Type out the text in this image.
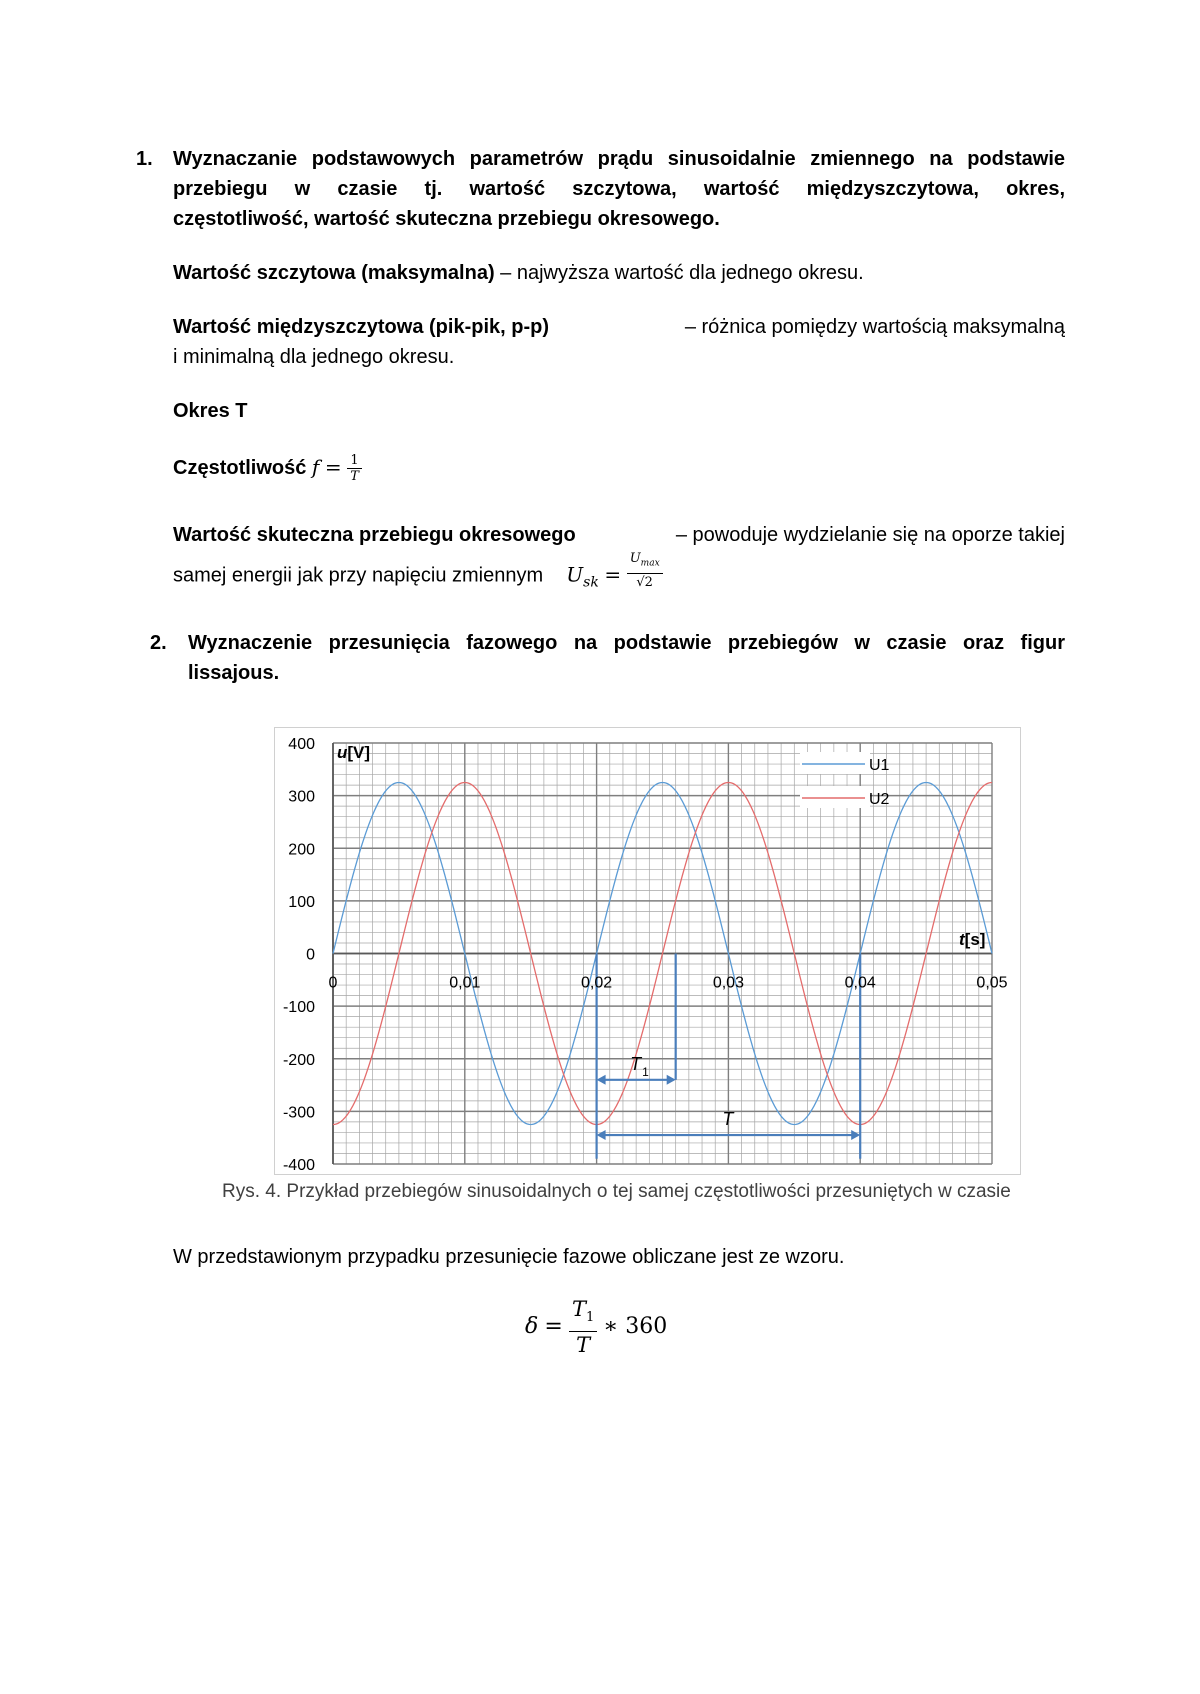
1. Wyznaczanie podstawowych parametrów prądu sinusoidalnie zmiennego na podstawie
przebiegu w czasie tj. wartość szczytowa, wartość międzyszczytowa, okres,
częstotliwość, wartość skuteczna przebiegu okresowego.
Wartość szczytowa (maksymalna) – najwyższa wartość dla jednego okresu.
Wartość międzyszczytowa (pik-pik, p-p)	– różnica pomiędzy wartością maksymalną
i minimalną dla jednego okresu.
Okres T
Częstotliwość $f = \frac{1}{T}$
Wartość skuteczna przebiegu okresowego	– powoduje wydzielanie się na oporze takiej
samej energii jak przy napięciu zmiennym $U_{sk} = \frac{U_{max}}{√2}$
2. Wyznaczenie przesunięcia fazowego na podstawie przebiegów w czasie oraz figur
lissajous.
T 1
T
400
300
200
100
0
-100
-200
-300
-400
0	0,01	0,02	0,03	0,04	0,05
U1
U2
u[V]
t[s]
Rys. 4. Przykład przebiegów sinusoidalnych o tej samej częstotliwości przesuniętych w czasie
W przedstawionym przypadku przesunięcie fazowe obliczane jest ze wzoru.
$\delta = \frac{T_1}{T}$ ∗ 360
